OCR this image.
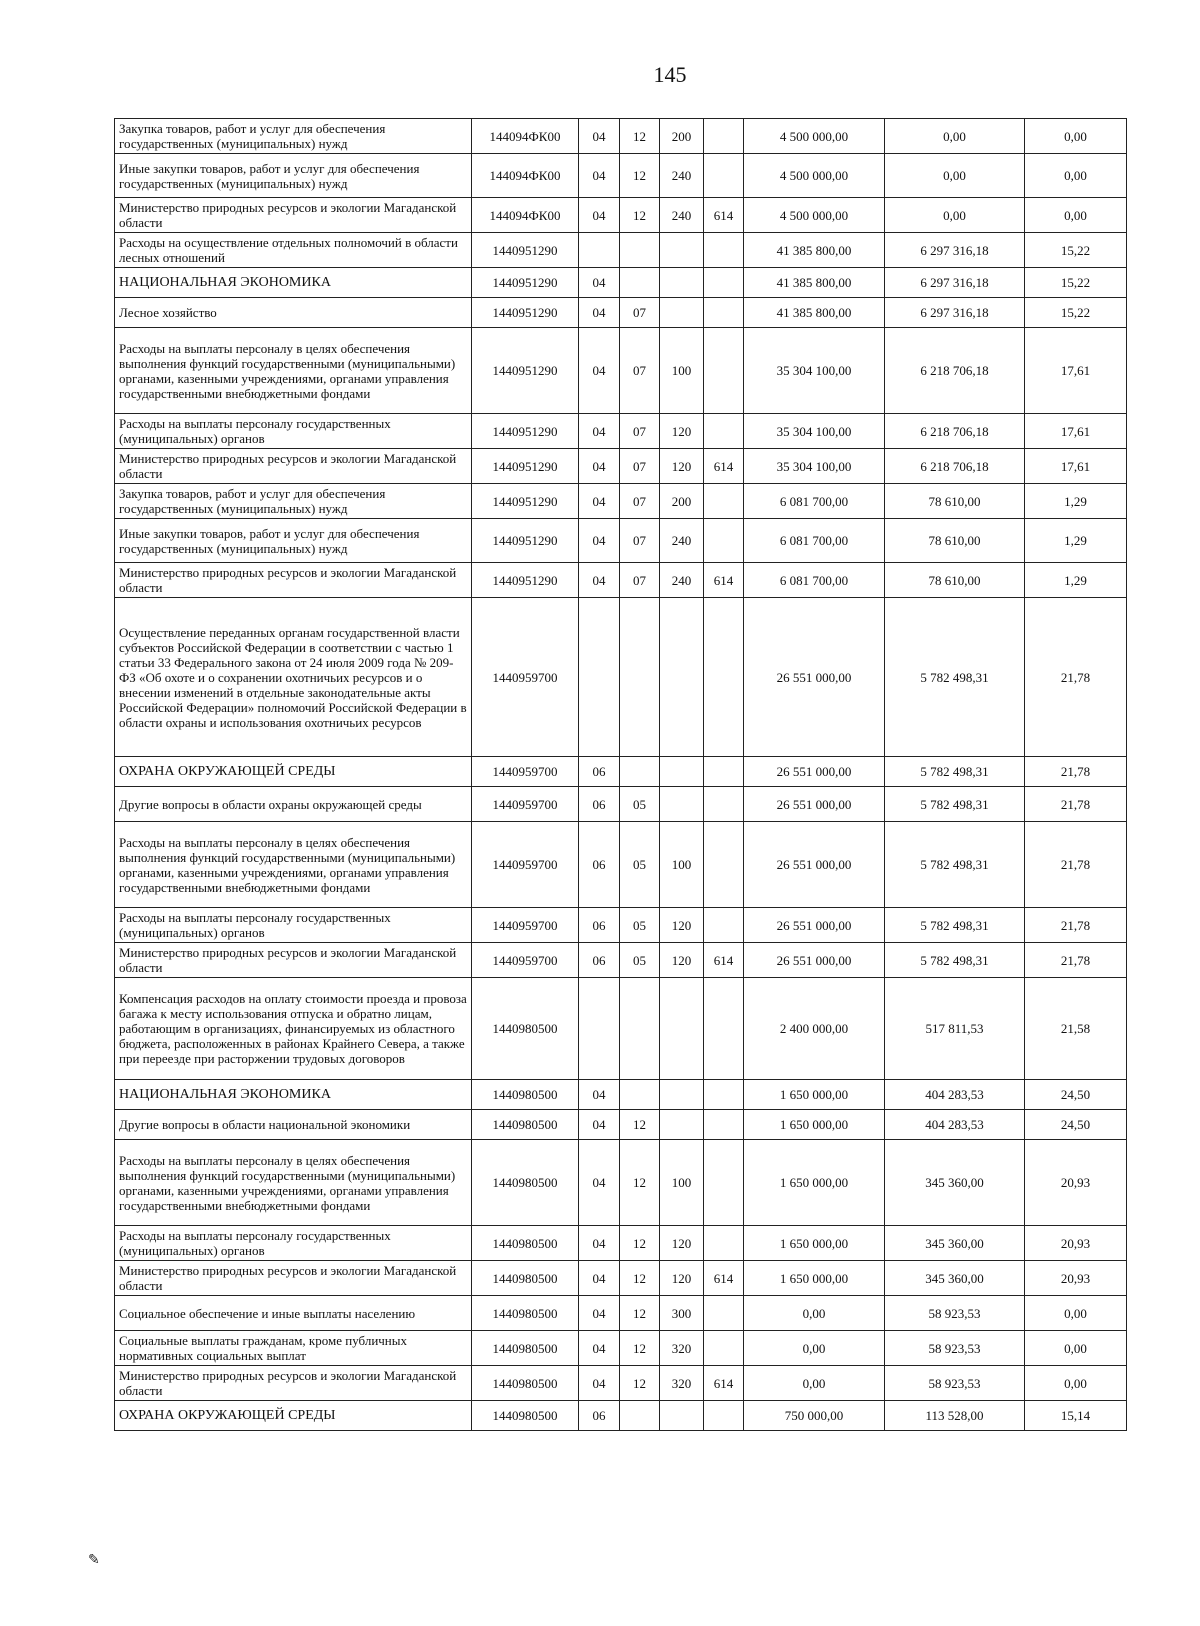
145
Закупка товаров, работ и услуг для обеспечения государственных (муниципальных) нужд	144094ФК00	04	12	200		4 500 000,00	0,00	0,00
Иные закупки товаров, работ и услуг для обеспечения государственных (муниципальных) нужд	144094ФК00	04	12	240		4 500 000,00	0,00	0,00
Министерство природных ресурсов и экологии Магаданской области	144094ФК00	04	12	240	614	4 500 000,00	0,00	0,00
Расходы на осуществление отдельных полномочий в области лесных отношений	1440951290					41 385 800,00	6 297 316,18	15,22
НАЦИОНАЛЬНАЯ ЭКОНОМИКА	1440951290	04				41 385 800,00	6 297 316,18	15,22
Лесное хозяйство	1440951290	04	07			41 385 800,00	6 297 316,18	15,22
Расходы на выплаты персоналу в целях обеспечения выполнения функций государственными (муниципальными) органами, казенными учреждениями, органами управления государственными внебюджетными фондами	1440951290	04	07	100		35 304 100,00	6 218 706,18	17,61
Расходы на выплаты персоналу государственных (муниципальных) органов	1440951290	04	07	120		35 304 100,00	6 218 706,18	17,61
Министерство природных ресурсов и экологии Магаданской области	1440951290	04	07	120	614	35 304 100,00	6 218 706,18	17,61
Закупка товаров, работ и услуг для обеспечения государственных (муниципальных) нужд	1440951290	04	07	200		6 081 700,00	78 610,00	1,29
Иные закупки товаров, работ и услуг для обеспечения государственных (муниципальных) нужд	1440951290	04	07	240		6 081 700,00	78 610,00	1,29
Министерство природных ресурсов и экологии Магаданской области	1440951290	04	07	240	614	6 081 700,00	78 610,00	1,29
Осуществление переданных органам государственной власти субъектов Российской Федерации в соответствии с частью 1 статьи 33 Федерального закона от 24 июля 2009 года № 209-ФЗ «Об охоте и о сохранении охотничьих ресурсов и о внесении изменений в отдельные законодательные акты Российской Федерации» полномочий Российской Федерации в области охраны и использования охотничьих ресурсов	1440959700					26 551 000,00	5 782 498,31	21,78
ОХРАНА ОКРУЖАЮЩЕЙ СРЕДЫ	1440959700	06				26 551 000,00	5 782 498,31	21,78
Другие вопросы в области охраны окружающей среды	1440959700	06	05			26 551 000,00	5 782 498,31	21,78
Расходы на выплаты персоналу в целях обеспечения выполнения функций государственными (муниципальными) органами, казенными учреждениями, органами управления государственными внебюджетными фондами	1440959700	06	05	100		26 551 000,00	5 782 498,31	21,78
Расходы на выплаты персоналу государственных (муниципальных) органов	1440959700	06	05	120		26 551 000,00	5 782 498,31	21,78
Министерство природных ресурсов и экологии Магаданской области	1440959700	06	05	120	614	26 551 000,00	5 782 498,31	21,78
Компенсация расходов на оплату стоимости проезда и провоза багажа к месту использования отпуска и обратно лицам, работающим в организациях, финансируемых из областного бюджета, расположенных в районах Крайнего Севера, а также при переезде при расторжении трудовых договоров	1440980500					2 400 000,00	517 811,53	21,58
НАЦИОНАЛЬНАЯ ЭКОНОМИКА	1440980500	04				1 650 000,00	404 283,53	24,50
Другие вопросы в области национальной экономики	1440980500	04	12			1 650 000,00	404 283,53	24,50
Расходы на выплаты персоналу в целях обеспечения выполнения функций государственными (муниципальными) органами, казенными учреждениями, органами управления государственными внебюджетными фондами	1440980500	04	12	100		1 650 000,00	345 360,00	20,93
Расходы на выплаты персоналу государственных (муниципальных) органов	1440980500	04	12	120		1 650 000,00	345 360,00	20,93
Министерство природных ресурсов и экологии Магаданской области	1440980500	04	12	120	614	1 650 000,00	345 360,00	20,93
Социальное обеспечение и иные выплаты населению	1440980500	04	12	300		0,00	58 923,53	0,00
Социальные выплаты гражданам, кроме публичных нормативных социальных выплат	1440980500	04	12	320		0,00	58 923,53	0,00
Министерство природных ресурсов и экологии Магаданской области	1440980500	04	12	320	614	0,00	58 923,53	0,00
ОХРАНА ОКРУЖАЮЩЕЙ СРЕДЫ	1440980500	06				750 000,00	113 528,00	15,14
✎
